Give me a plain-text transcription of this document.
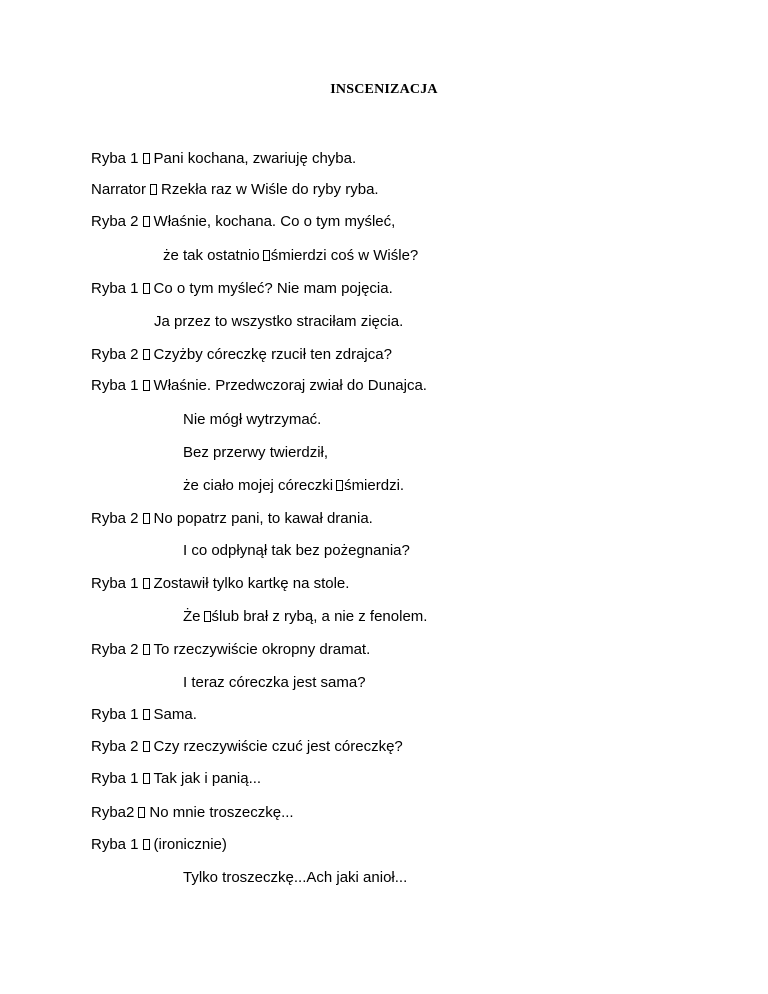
INSCENIZACJA
Ryba 1 Pani kochana, zwariuję chyba.
Narrator Rzekła raz w Wiśle do ryby ryba.
Ryba 2 Właśnie, kochana. Co o tym myśleć,
że tak ostatnio śmierdzi coś w Wiśle?
Ryba 1 Co o tym myśleć? Nie mam pojęcia.
Ja przez to wszystko straciłam zięcia.
Ryba 2 Czyżby córeczkę rzucił ten zdrajca?
Ryba 1 Właśnie. Przedwczoraj zwiał do Dunajca.
Nie mógł wytrzymać.
Bez przerwy twierdził,
że ciało mojej córeczki śmierdzi.
Ryba 2 No popatrz pani, to kawał drania.
I co odpłynął tak bez pożegnania?
Ryba 1 Zostawił tylko kartkę na stole.
Że ślub brał z rybą, a nie z fenolem.
Ryba 2 To rzeczywiście okropny dramat.
I teraz córeczka jest sama?
Ryba 1 Sama.
Ryba 2 Czy rzeczywiście czuć jest córeczkę?
Ryba 1 Tak jak i panią...
Ryba2 No mnie troszeczkę...
Ryba 1 (ironicznie)
Tylko troszeczkę...Ach jaki anioł...
